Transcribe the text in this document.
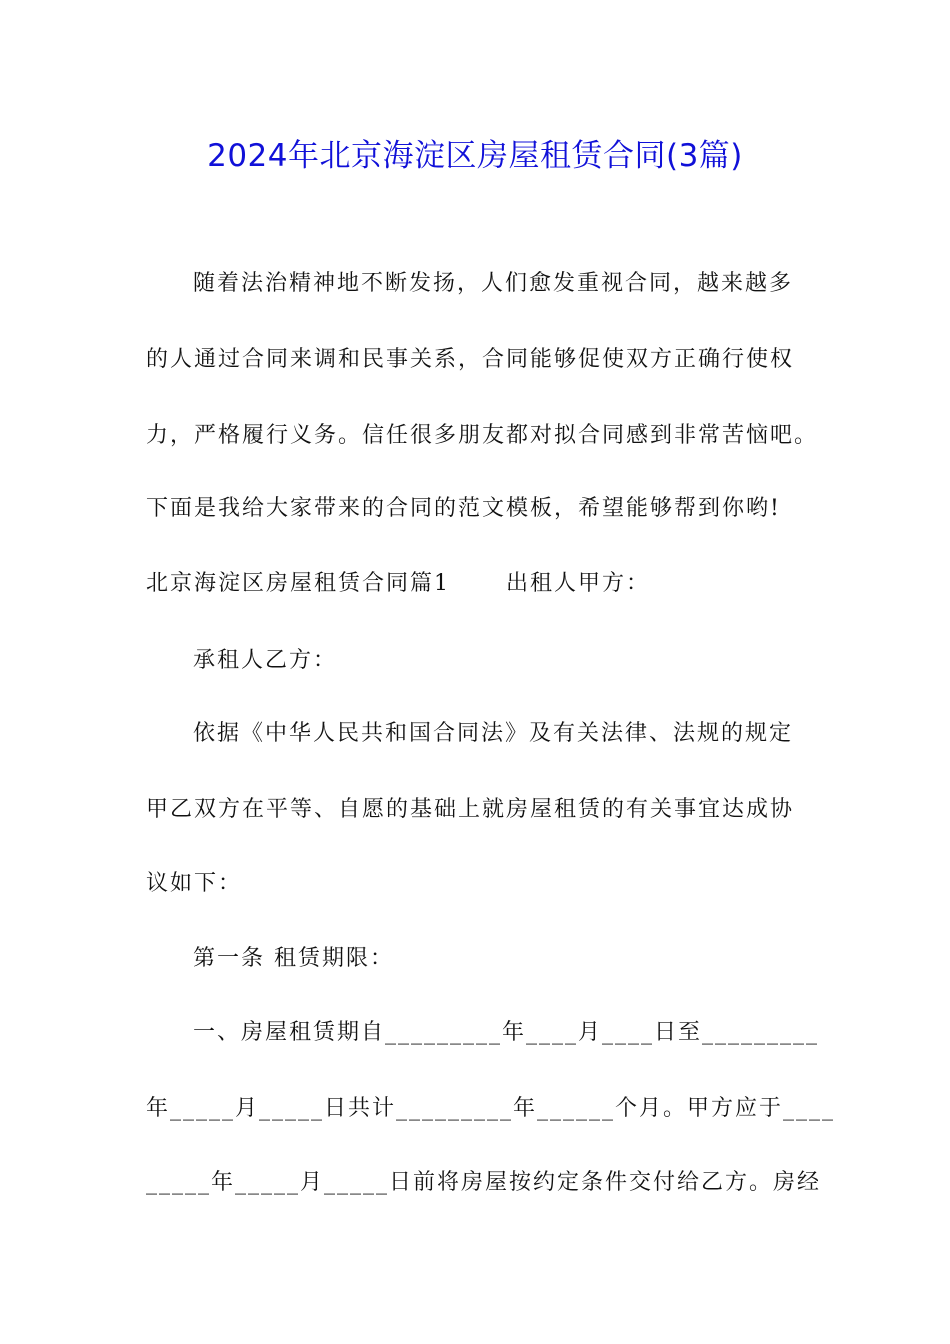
2024年北京海淀区房屋租赁合同(3篇)
随着法治精神地不断发扬，人们愈发重视合同，越来越多
的人通过合同来调和民事关系，合同能够促使双方正确行使权
力，严格履行义务。信任很多朋友都对拟合同感到非常苦恼吧。
下面是我给大家带来的合同的范文模板，希望能够帮到你哟!
北京海淀区房屋租赁合同篇1	出租人甲方：
承租人乙方：
依据《中华人民共和国合同法》及有关法律、法规的规定
甲乙双方在平等、自愿的基础上就房屋租赁的有关事宜达成协
议如下：
第一条 租赁期限：
一、房屋租赁期自_________年____月____日至_________
年_____月_____日共计_________年______个月。甲方应于____
_____年_____月_____日前将房屋按约定条件交付给乙方。房经
